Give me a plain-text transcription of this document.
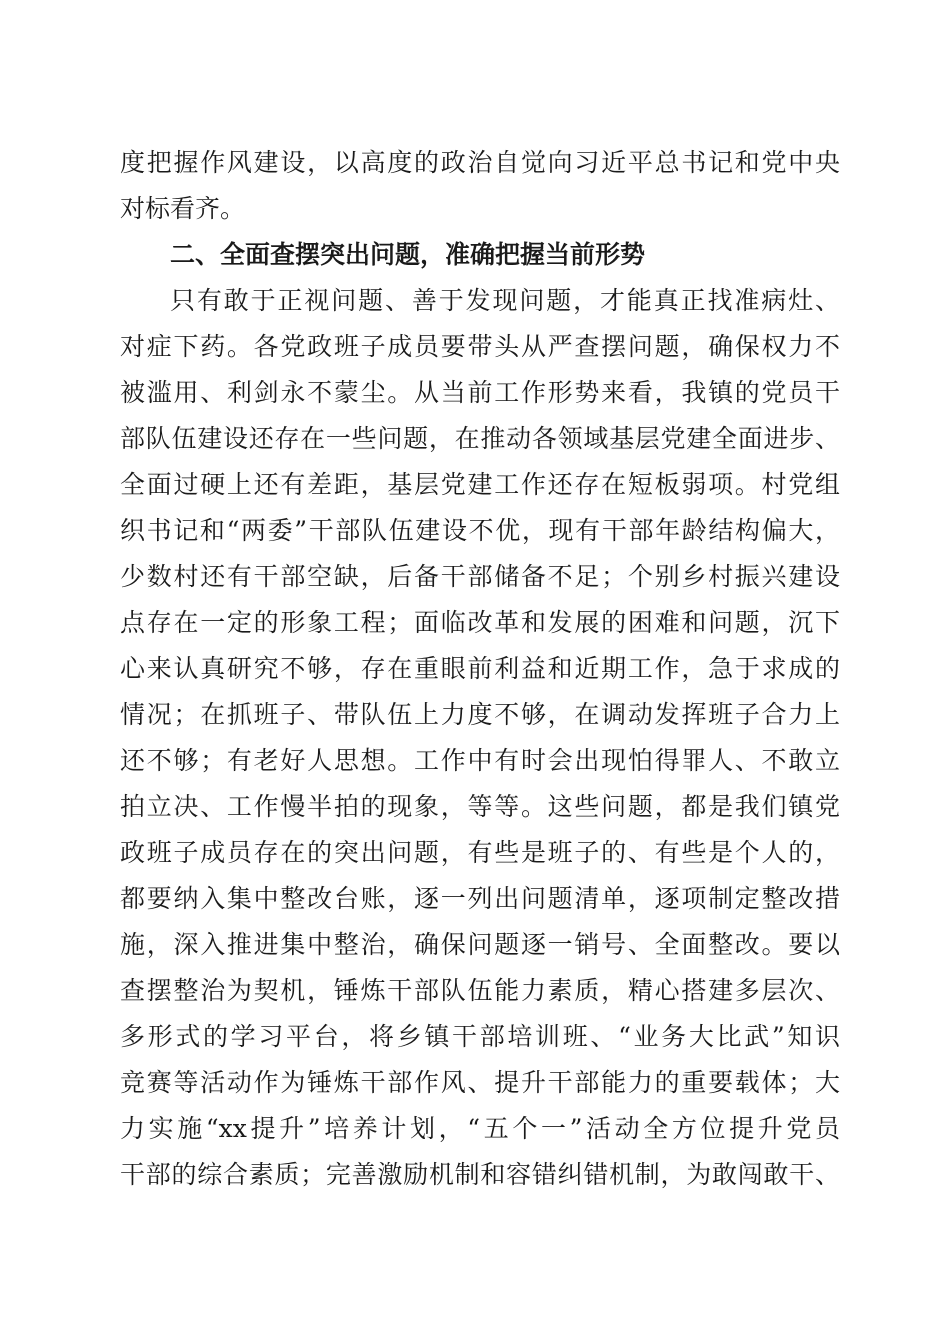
度把握作风建设，以高度的政治自觉向习近平总书记和党中央
对标看齐。
二、全面查摆突出问题，准确把握当前形势
只有敢于正视问题、善于发现问题，才能真正找准病灶、
对症下药。各党政班子成员要带头从严查摆问题，确保权力不
被滥用、利剑永不蒙尘。从当前工作形势来看，我镇的党员干
部队伍建设还存在一些问题，在推动各领域基层党建全面进步、
全面过硬上还有差距，基层党建工作还存在短板弱项。村党组
织书记和“两委”干部队伍建设不优，现有干部年龄结构偏大，
少数村还有干部空缺，后备干部储备不足；个别乡村振兴建设
点存在一定的形象工程；面临改革和发展的困难和问题，沉下
心来认真研究不够，存在重眼前利益和近期工作，急于求成的
情况；在抓班子、带队伍上力度不够，在调动发挥班子合力上
还不够；有老好人思想。工作中有时会出现怕得罪人、不敢立
拍立决、工作慢半拍的现象，等等。这些问题，都是我们镇党
政班子成员存在的突出问题，有些是班子的、有些是个人的，
都要纳入集中整改台账，逐一列出问题清单，逐项制定整改措
施，深入推进集中整治，确保问题逐一销号、全面整改。要以
查摆整治为契机，锤炼干部队伍能力素质，精心搭建多层次、
多形式的学习平台，将乡镇干部培训班、“业务大比武”知识
竞赛等活动作为锤炼干部作风、提升干部能力的重要载体；大
力实施“xx提升”培养计划，“五个一”活动全方位提升党员
干部的综合素质；完善激励机制和容错纠错机制，为敢闯敢干、
